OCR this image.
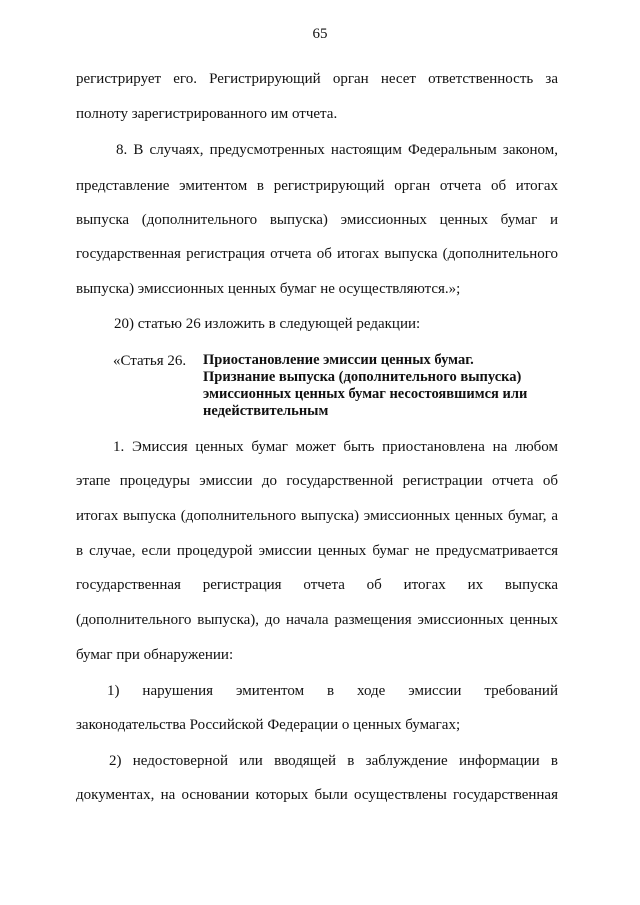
65
регистрирует его. Регистрирующий орган несет ответственность за
полноту зарегистрированного им отчета.
8. В случаях, предусмотренных настоящим Федеральным законом,
представление эмитентом в регистрирующий орган отчета об итогах
выпуска (дополнительного выпуска) эмиссионных ценных бумаг и
государственная регистрация отчета об итогах выпуска (дополнительного
выпуска) эмиссионных ценных бумаг не осуществляются.»;
20) статью 26 изложить в следующей редакции:
«Статья 26. Приостановление эмиссии ценных бумаг.
Признание выпуска (дополнительного выпуска)
эмиссионных ценных бумаг несостоявшимся или
недействительным
1. Эмиссия ценных бумаг может быть приостановлена на любом
этапе процедуры эмиссии до государственной регистрации отчета об
итогах выпуска (дополнительного выпуска) эмиссионных ценных бумаг, а
в случае, если процедурой эмиссии ценных бумаг не предусматривается
государственная регистрация отчета об итогах их выпуска
(дополнительного выпуска), до начала размещения эмиссионных ценных
бумаг при обнаружении:
1) нарушения эмитентом в ходе эмиссии требований
законодательства Российской Федерации о ценных бумагах;
2) недостоверной или вводящей в заблуждение информации в
документах, на основании которых были осуществлены государственная
